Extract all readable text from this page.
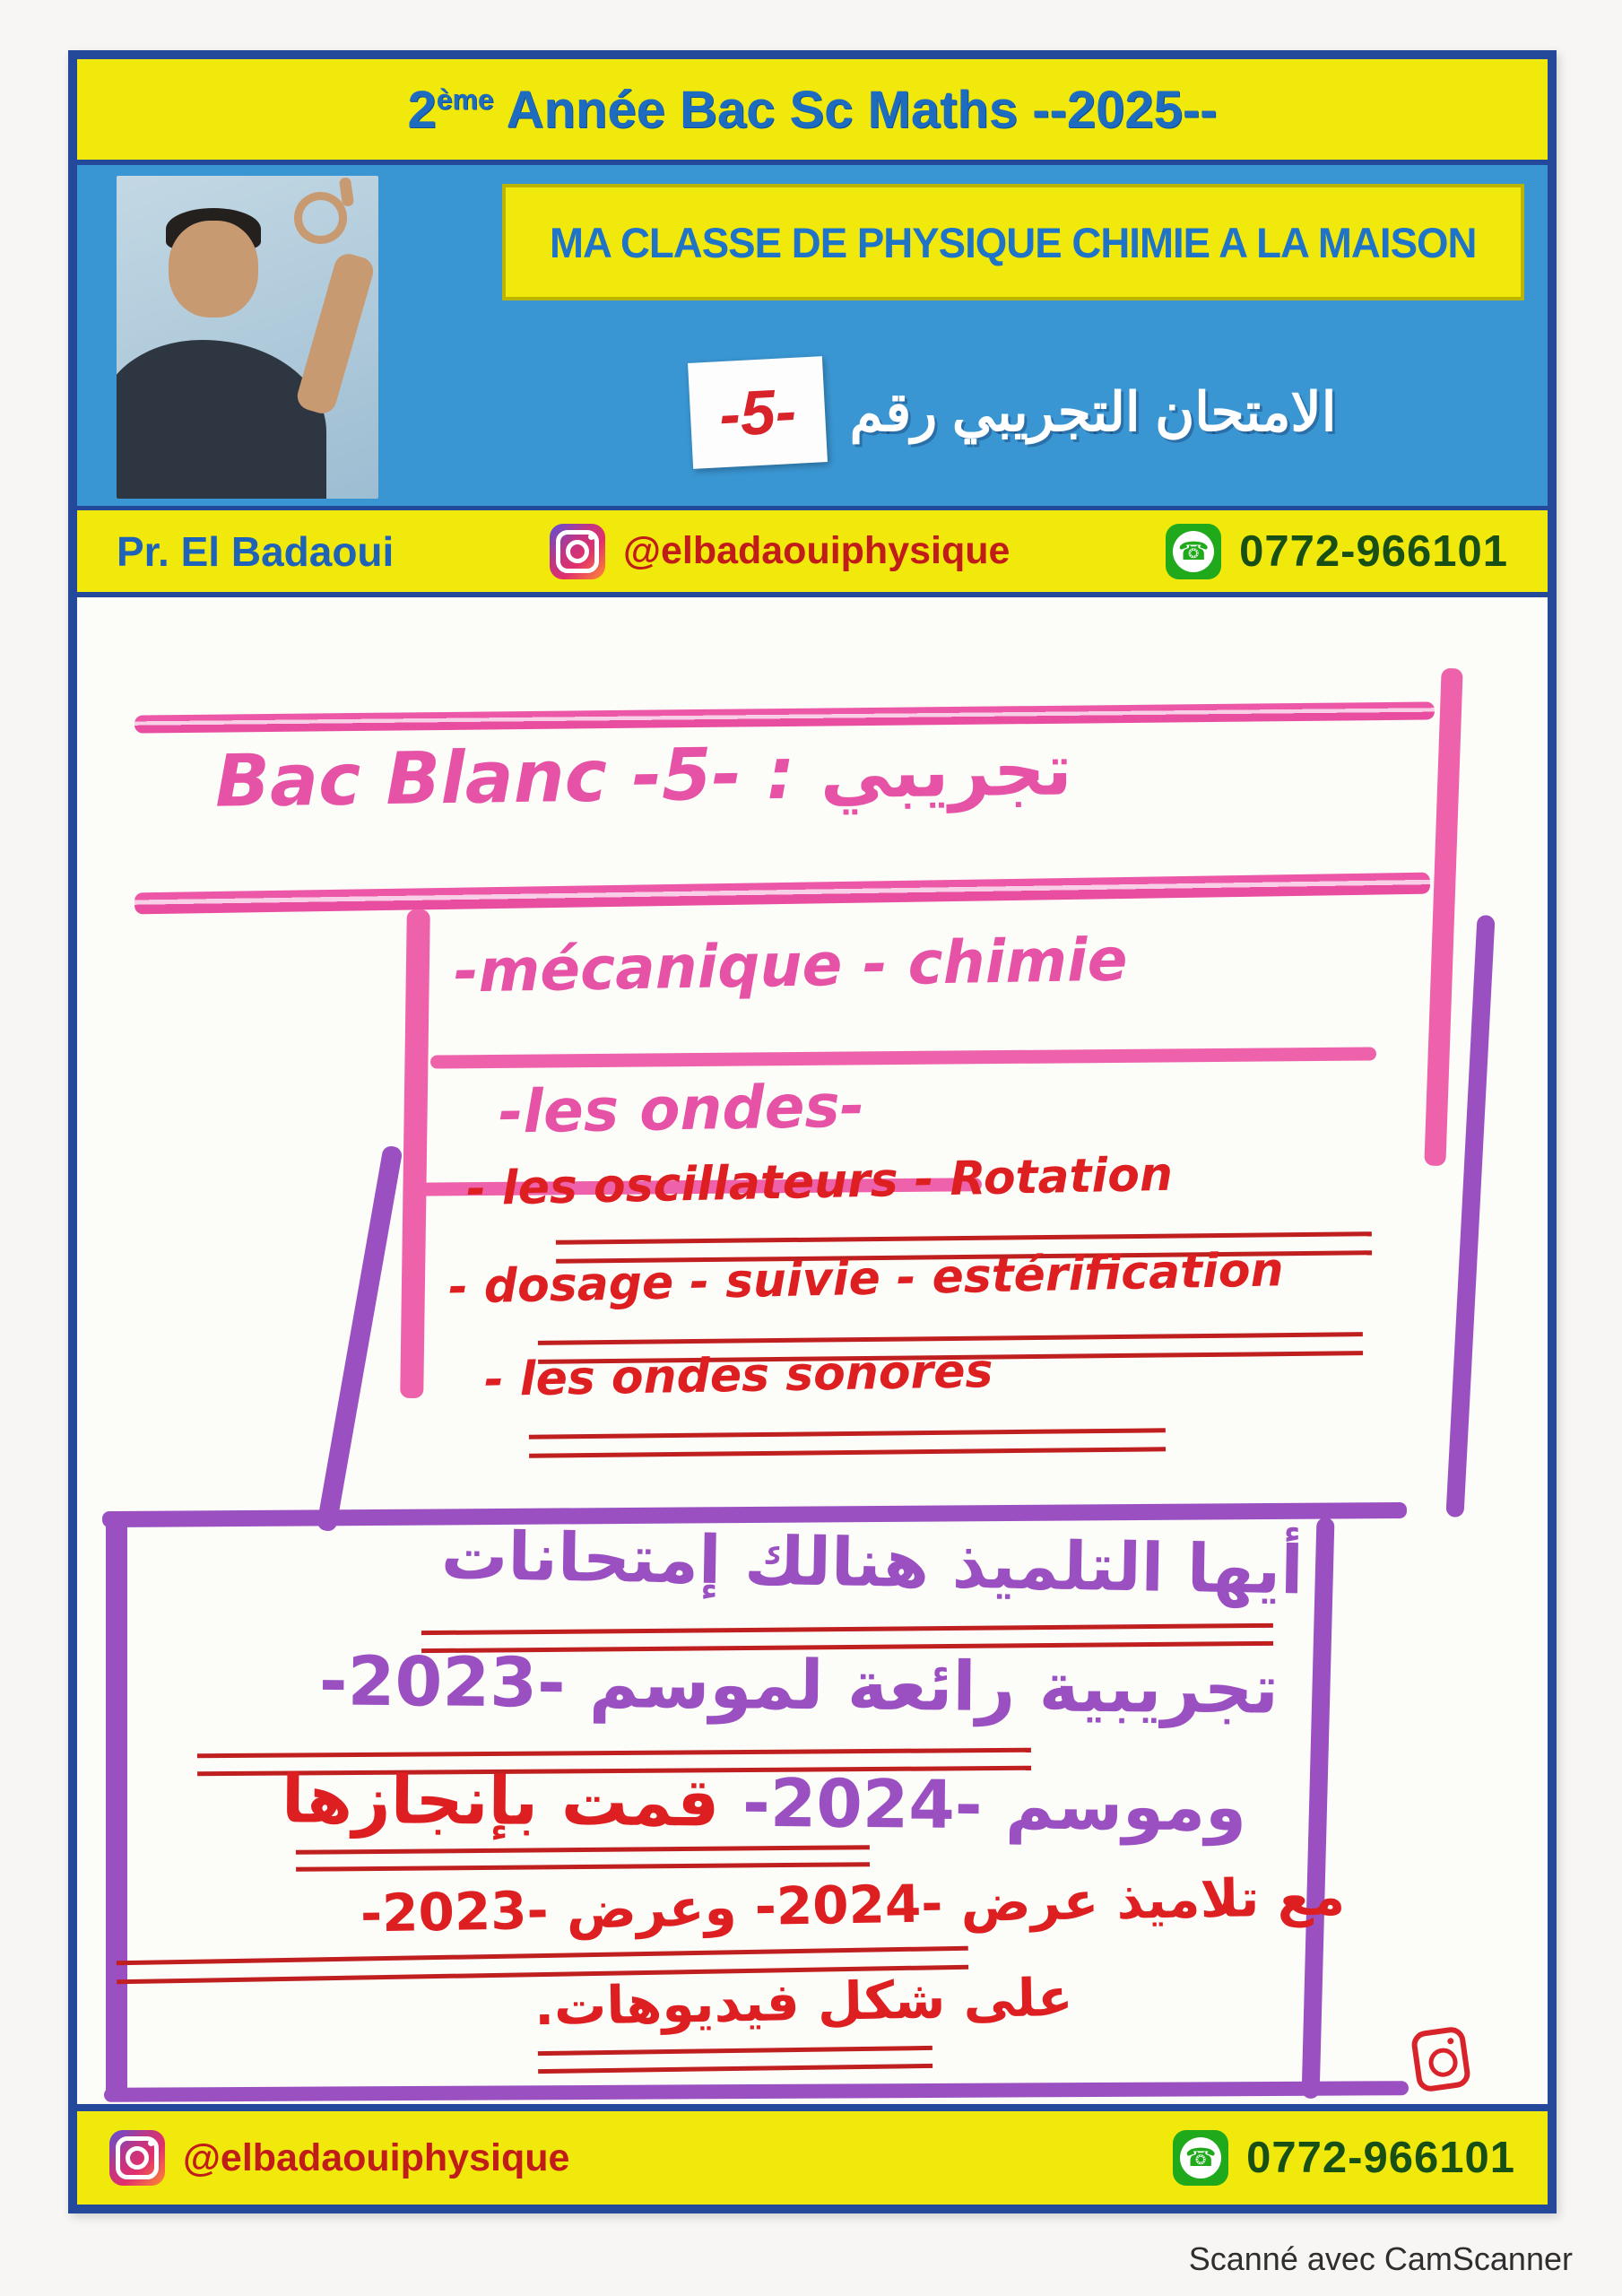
2ème Année Bac Sc Maths --2025--
MA CLASSE DE PHYSIQUE CHIMIE A LA MAISON
الامتحان التجريبي رقم
-5-
Pr. El Badaoui	@elbadaouiphysique	☎ 0772-966101
Bac Blanc -5- : تجريبي
-mécanique - chimie
-les ondes-
- les oscillateurs - Rotation
- dosage - suivie - estérification
- les ondes sonores
أيها التلميذ هنالك إمتحانات
تجريبية رائعة لموسم -2023-
وموسم -2024- قمت بإنجازها
مع تلاميذ عرض -2024- وعرض -2023-
على شكل فيديوهات.
@elbadaouiphysique	☎ 0772-966101
Scanné avec CamScanner
